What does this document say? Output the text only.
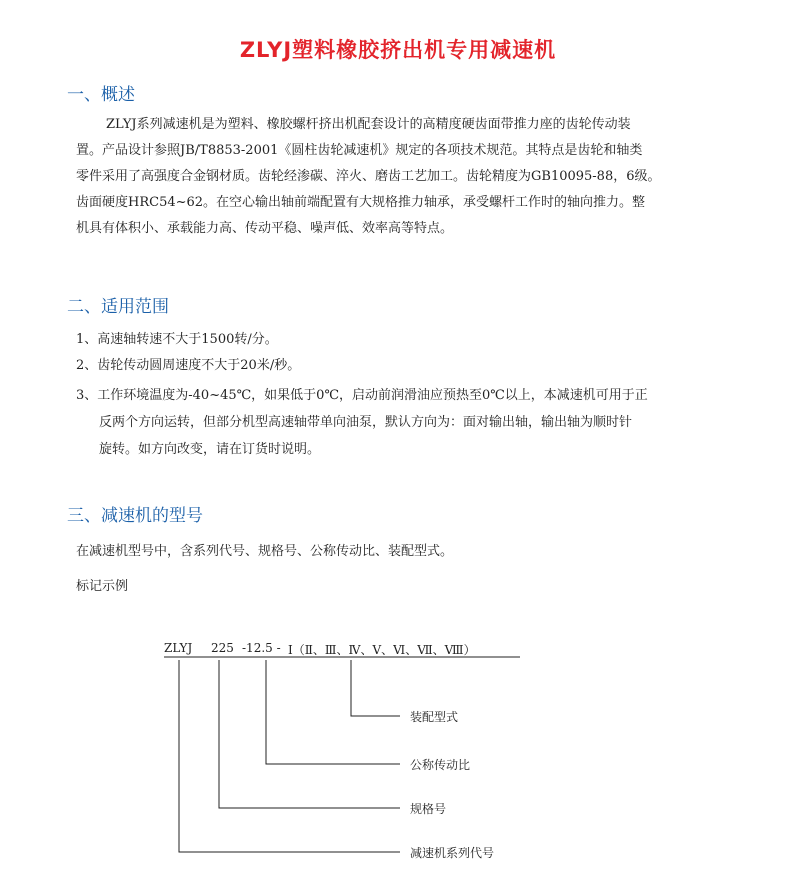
ZLYJ塑料橡胶挤出机专用减速机
一、概述
ZLYJ系列减速机是为塑料、橡胶螺杆挤出机配套设计的高精度硬齿面带推力座的齿轮传动装
置。产品设计参照JB/T8853-2001《圆柱齿轮减速机》规定的各项技术规范。其特点是齿轮和轴类
零件采用了高强度合金钢材质。齿轮经渗碳、淬火、磨齿工艺加工。齿轮精度为GB10095-88，6级。
齿面硬度HRC54~62。在空心输出轴前端配置有大规格推力轴承，承受螺杆工作时的轴向推力。整
机具有体积小、承载能力高、传动平稳、噪声低、效率高等特点。
二、适用范围
1、高速轴转速不大于1500转/分。
2、齿轮传动圆周速度不大于20米/秒。
3、工作环境温度为-40~45℃，如果低于0℃，启动前润滑油应预热至0℃以上，本减速机可用于正
反两个方向运转，但部分机型高速轴带单向油泵，默认方向为：面对输出轴，输出轴为顺时针
旋转。如方向改变，请在订货时说明。
三、减速机的型号
在减速机型号中，含系列代号、规格号、公称传动比、装配型式。
标记示例
ZLYJ 225 -12.5 - Ⅰ（Ⅱ、Ⅲ、Ⅳ、Ⅴ、Ⅵ、Ⅶ、Ⅷ）
装配型式
公称传动比
规格号
减速机系列代号
